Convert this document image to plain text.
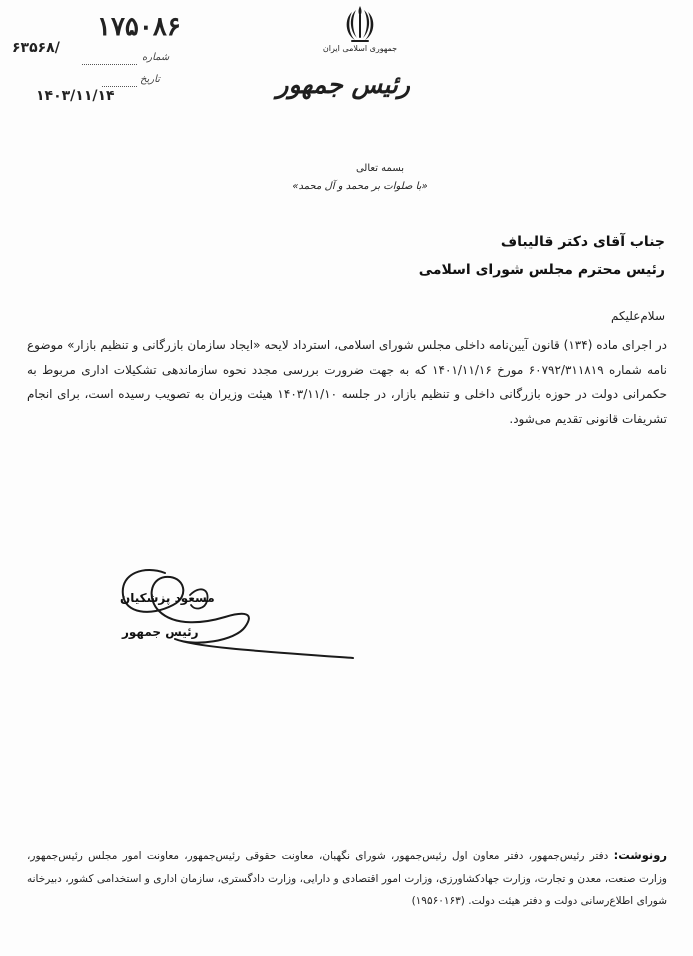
۱۷۵۰۸۶
۶۳۵۶۸/
شماره
تاریخ
۱۴۰۳/۱۱/۱۴
جمهوری اسلامی ایران
رئیس جمهور
بسمه تعالی
«با صلوات بر محمد و آل محمد»
جناب آقای دکتر قالیباف
رئیس محترم مجلس شورای اسلامی
سلام‌علیکم

در اجرای ماده (۱۳۴) قانون آیین‌نامه داخلی مجلس شورای اسلامی، استرداد لایحه «ایجاد سازمان بازرگانی و تنظیم بازار» موضوع نامه شماره ۶۰۷۹۲/۳۱۱۸۱۹ مورخ ۱۴۰۱/۱۱/۱۶ که به جهت ضرورت بررسی مجدد نحوه سازماندهی تشکیلات اداری مربوط به حکمرانی دولت در حوزه بازرگانی داخلی و تنظیم بازار، در جلسه ۱۴۰۳/۱۱/۱۰ هیئت وزیران به تصویب رسیده است، برای انجام تشریفات قانونی تقدیم می‌شود.

مسعود پزشکیان
رئیس جمهور

رونوشت: دفتر رئیس‌جمهور، دفتر معاون اول رئیس‌جمهور، شورای نگهبان، معاونت حقوقی رئیس‌جمهور، معاونت امور مجلس رئیس‌جمهور، وزارت صنعت، معدن و تجارت، وزارت جهادکشاورزی، وزارت امور اقتصادی و دارایی، وزارت دادگستری، سازمان اداری و استخدامی کشور، دبیرخانه شورای اطلاع‌رسانی دولت و دفتر هیئت دولت. (۱۹۵۶۰۱۶۳)
